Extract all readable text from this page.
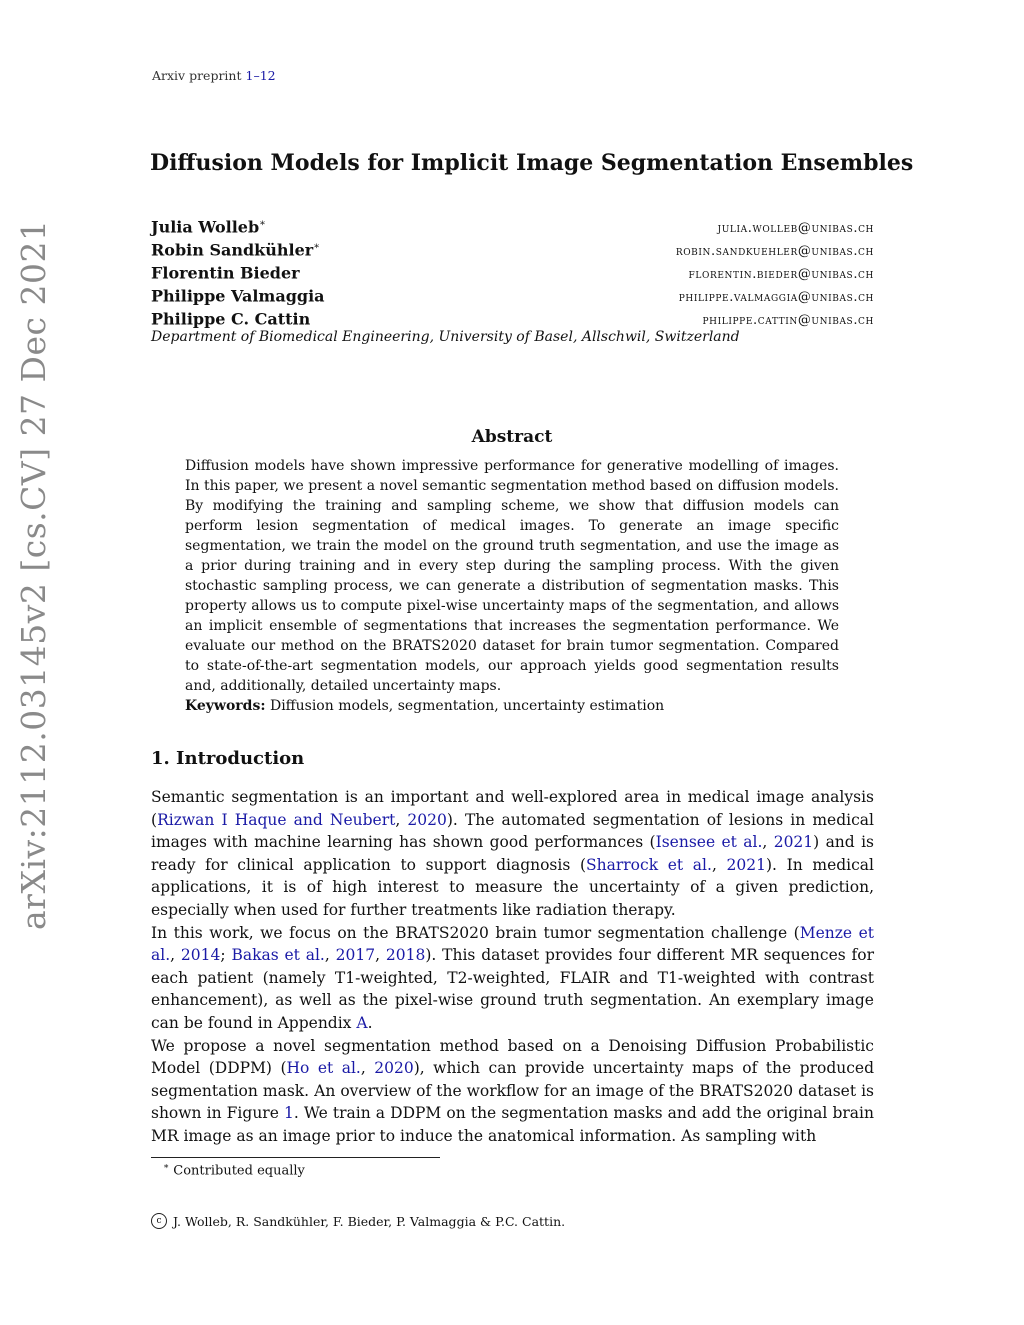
arXiv:2112.03145v2 [cs.CV] 27 Dec 2021
Arxiv preprint 1–12
Diffusion Models for Implicit Image Segmentation Ensembles
Julia Wolleb∗	julia.wolleb@unibas.ch
Robin Sandkühler∗	robin.sandkuehler@unibas.ch
Florentin Bieder	florentin.bieder@unibas.ch
Philippe Valmaggia	philippe.valmaggia@unibas.ch
Philippe C. Cattin	philippe.cattin@unibas.ch
Department of Biomedical Engineering, University of Basel, Allschwil, Switzerland
Abstract
Diffusion models have shown impressive performance for generative modelling of images. In this paper, we present a novel semantic segmentation method based on diffusion models. By modifying the training and sampling scheme, we show that diffusion models can perform lesion segmentation of medical images. To generate an image specific segmentation, we train the model on the ground truth segmentation, and use the image as a prior during training and in every step during the sampling process. With the given stochastic sampling process, we can generate a distribution of segmentation masks. This property allows us to compute pixel-wise uncertainty maps of the segmentation, and allows an implicit ensemble of segmentations that increases the segmentation performance. We evaluate our method on the BRATS2020 dataset for brain tumor segmentation. Compared to state-of-the-art segmentation models, our approach yields good segmentation results and, additionally, detailed uncertainty maps.
Keywords: Diffusion models, segmentation, uncertainty estimation
1. Introduction

Semantic segmentation is an important and well-explored area in medical image analysis (Rizwan I Haque and Neubert, 2020). The automated segmentation of lesions in medical images with machine learning has shown good performances (Isensee et al., 2021) and is ready for clinical application to support diagnosis (Sharrock et al., 2021). In medical applications, it is of high interest to measure the uncertainty of a given prediction, especially when used for further treatments like radiation therapy.

In this work, we focus on the BRATS2020 brain tumor segmentation challenge (Menze et al., 2014; Bakas et al., 2017, 2018). This dataset provides four different MR sequences for each patient (namely T1-weighted, T2-weighted, FLAIR and T1-weighted with contrast enhancement), as well as the pixel-wise ground truth segmentation. An exemplary image can be found in Appendix A.

We propose a novel segmentation method based on a Denoising Diffusion Probabilistic Model (DDPM) (Ho et al., 2020), which can provide uncertainty maps of the produced segmentation mask. An overview of the workflow for an image of the BRATS2020 dataset is shown in Figure 1. We train a DDPM on the segmentation masks and add the original brain MR image as an image prior to induce the anatomical information. As sampling with

∗ Contributed equally
c J. Wolleb, R. Sandkühler, F. Bieder, P. Valmaggia & P.C. Cattin.
